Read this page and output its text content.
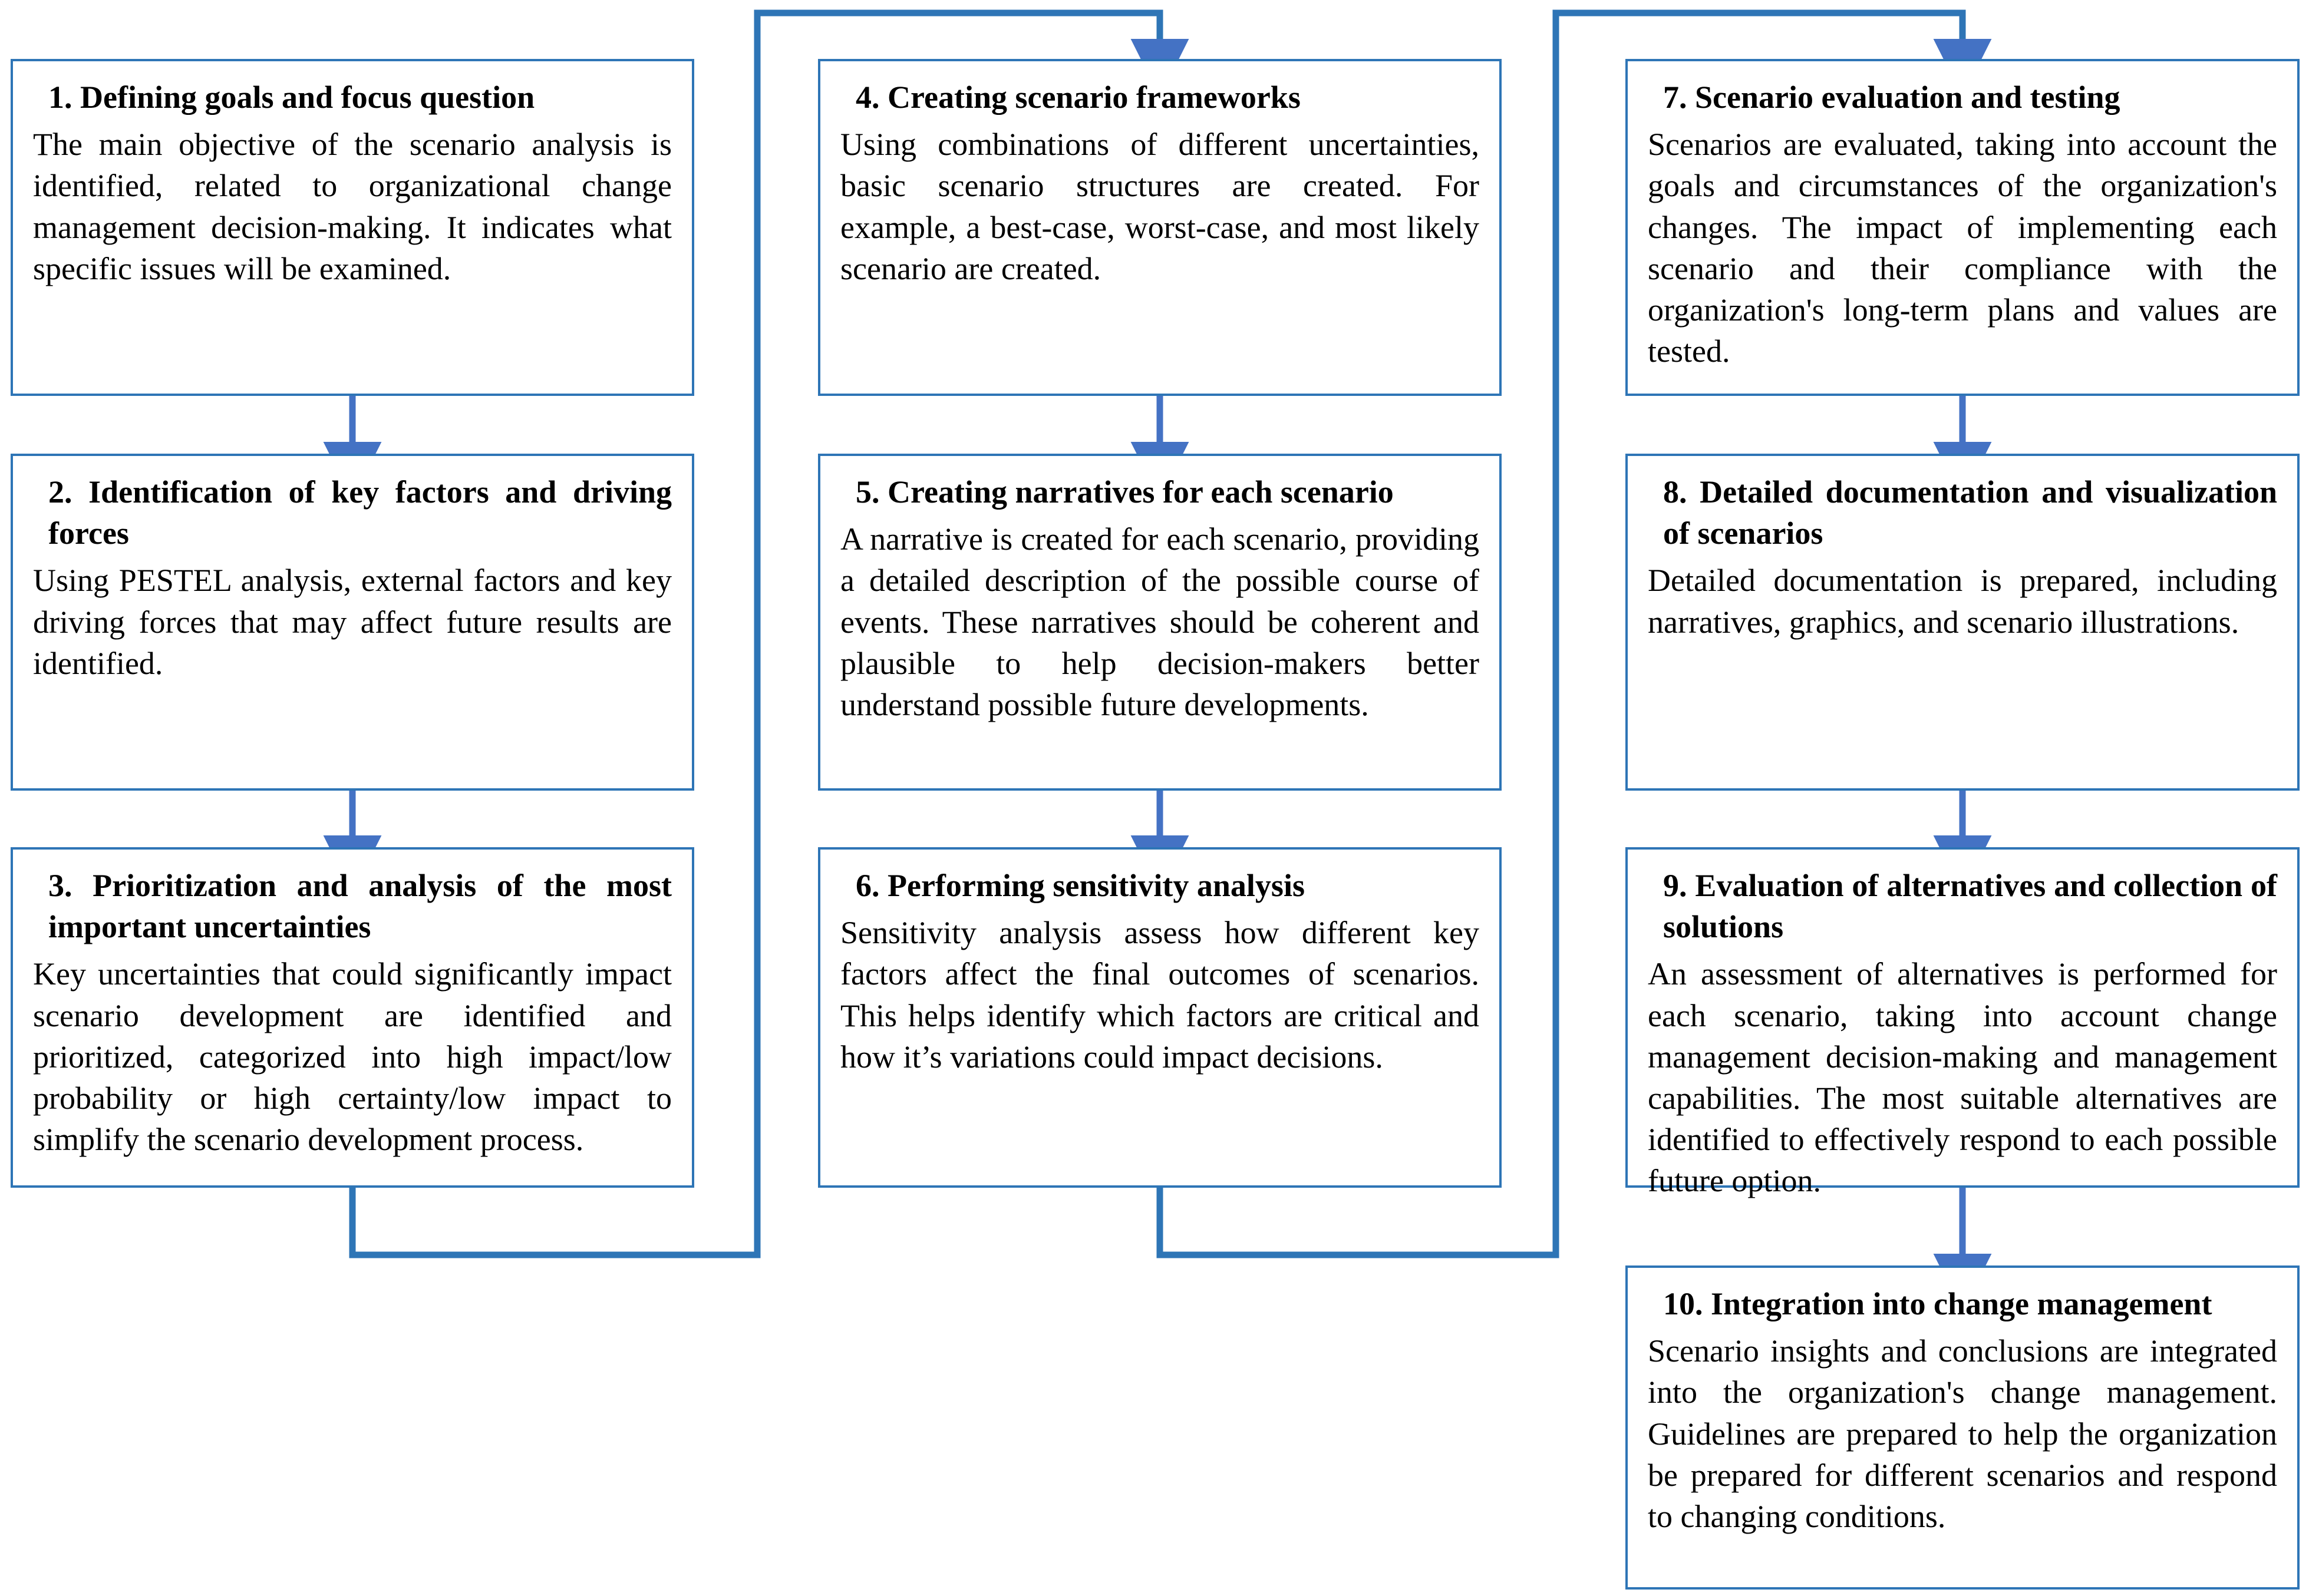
1. Defining goals and focus question

The main objective of the scenario analysis is identified, related to organizational change management decision-making. It indicates what specific issues will be examined.

2. Identification of key factors and driving forces

Using PESTEL analysis, external factors and key driving forces that may affect future results are identified.

3. Prioritization and analysis of the most important uncertainties

Key uncertainties that could significantly impact scenario development are identified and prioritized, categorized into high impact/low probability or high certainty/low impact to simplify the scenario development process.

4. Creating scenario frameworks

Using combinations of different uncertainties, basic scenario structures are created. For example, a best-case, worst-case, and most likely scenario are created.

5. Creating narratives for each scenario

A narrative is created for each scenario, providing a detailed description of the possible course of events. These narratives should be coherent and plausible to help decision-makers better understand possible future developments.

6. Performing sensitivity analysis

Sensitivity analysis assess how different key factors affect the final outcomes of scenarios. This helps identify which factors are critical and how it’s variations could impact decisions.

7. Scenario evaluation and testing

Scenarios are evaluated, taking into account the goals and circumstances of the organization's changes. The impact of implementing each scenario and their compliance with the organization's long-term plans and values are tested.

8. Detailed documentation and visualization of scenarios

Detailed documentation is prepared, including narratives, graphics, and scenario illustrations.

9. Evaluation of alternatives and collection of solutions

An assessment of alternatives is performed for each scenario, taking into account change management decision-making and management capabilities. The most suitable alternatives are identified to effectively respond to each possible future option.

10. Integration into change management

Scenario insights and conclusions are integrated into the organization's change management. Guidelines are prepared to help the organization be prepared for different scenarios and respond to changing conditions.
